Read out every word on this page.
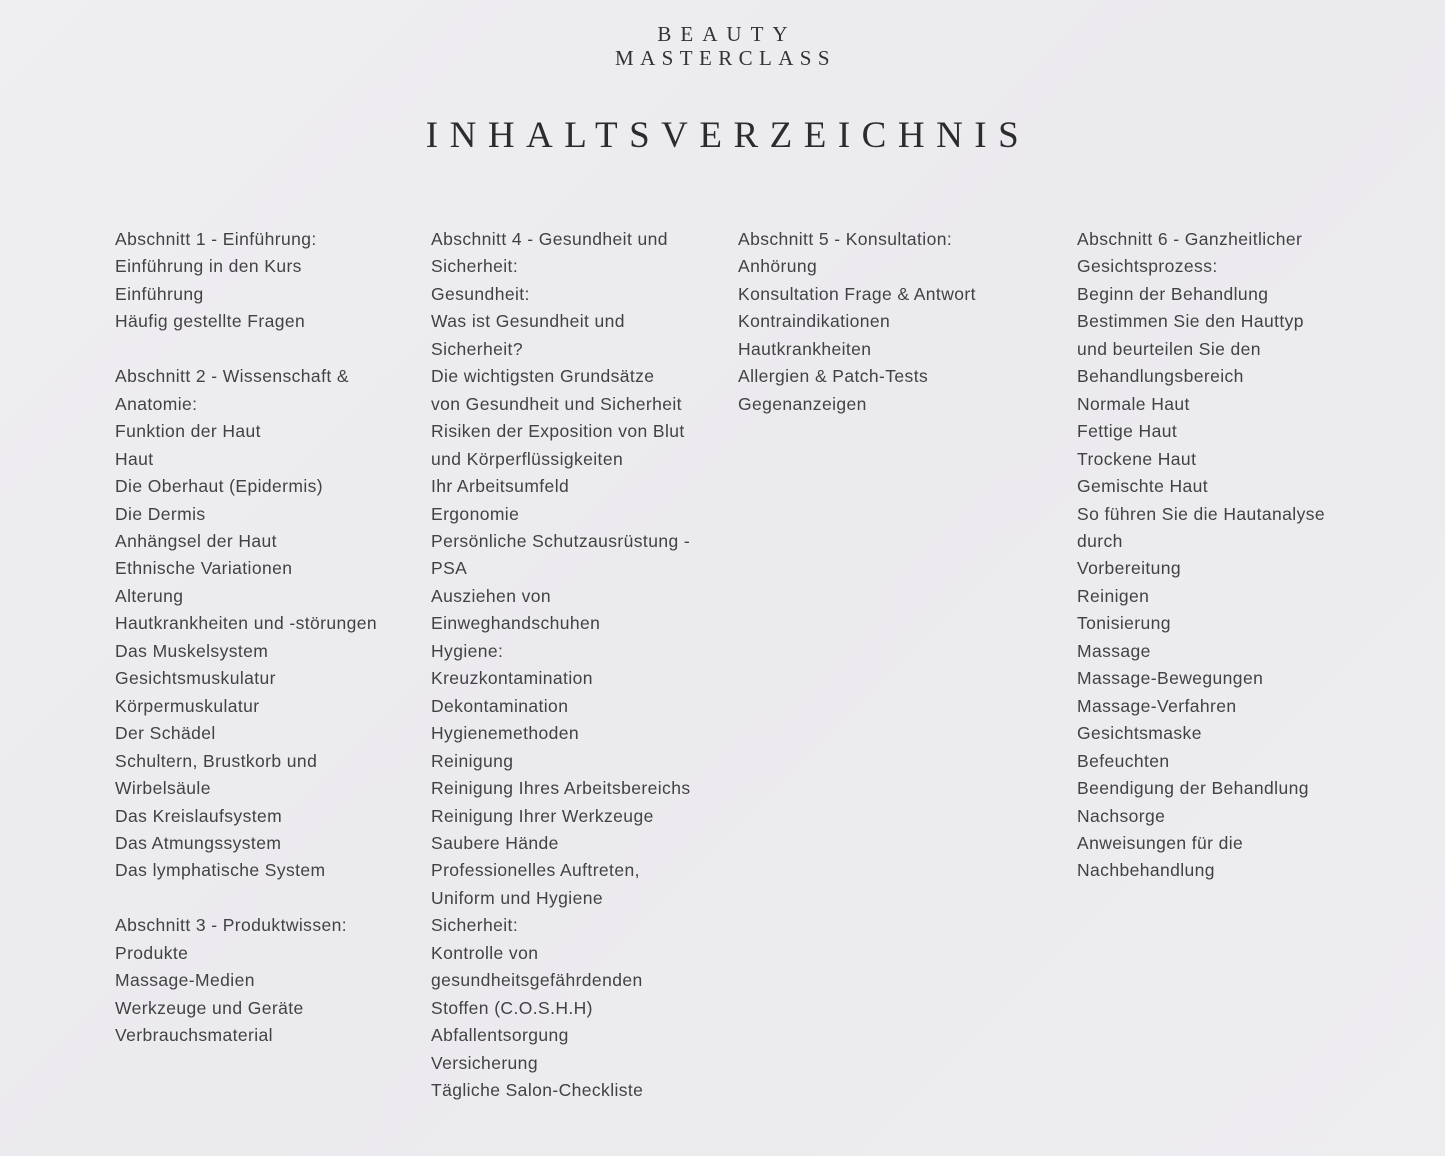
BEAUTY
MASTERCLASS
INHALTSVERZEICHNIS
Abschnitt 1 - Einführung:
Einführung in den Kurs
Einführung
Häufig gestellte Fragen
Abschnitt 2 - Wissenschaft &
Anatomie:
Funktion der Haut
Haut
Die Oberhaut (Epidermis)
Die Dermis
Anhängsel der Haut
Ethnische Variationen
Alterung
Hautkrankheiten und -störungen
Das Muskelsystem
Gesichtsmuskulatur
Körpermuskulatur
Der Schädel
Schultern, Brustkorb und
Wirbelsäule
Das Kreislaufsystem
Das Atmungssystem
Das lymphatische System
Abschnitt 3 - Produktwissen:
Produkte
Massage-Medien
Werkzeuge und Geräte
Verbrauchsmaterial
Abschnitt 4 - Gesundheit und
Sicherheit:
Gesundheit:
Was ist Gesundheit und
Sicherheit?
Die wichtigsten Grundsätze
von Gesundheit und Sicherheit
Risiken der Exposition von Blut
und Körperflüssigkeiten
Ihr Arbeitsumfeld
Ergonomie
Persönliche Schutzausrüstung -
PSA
Ausziehen von
Einweghandschuhen
Hygiene:
Kreuzkontamination
Dekontamination
Hygienemethoden
Reinigung
Reinigung Ihres Arbeitsbereichs
Reinigung Ihrer Werkzeuge
Saubere Hände
Professionelles Auftreten,
Uniform und Hygiene
Sicherheit:
Kontrolle von
gesundheitsgefährdenden
Stoffen (C.O.S.H.H)
Abfallentsorgung
Versicherung
Tägliche Salon-Checkliste
Abschnitt 5 - Konsultation:
Anhörung
Konsultation Frage & Antwort
Kontraindikationen
Hautkrankheiten
Allergien & Patch-Tests
Gegenanzeigen
Abschnitt 6 - Ganzheitlicher
Gesichtsprozess:
Beginn der Behandlung
Bestimmen Sie den Hauttyp
und beurteilen Sie den
Behandlungsbereich
Normale Haut
Fettige Haut
Trockene Haut
Gemischte Haut
So führen Sie die Hautanalyse
durch
Vorbereitung
Reinigen
Tonisierung
Massage
Massage-Bewegungen
Massage-Verfahren
Gesichtsmaske
Befeuchten
Beendigung der Behandlung
Nachsorge
Anweisungen für die
Nachbehandlung
